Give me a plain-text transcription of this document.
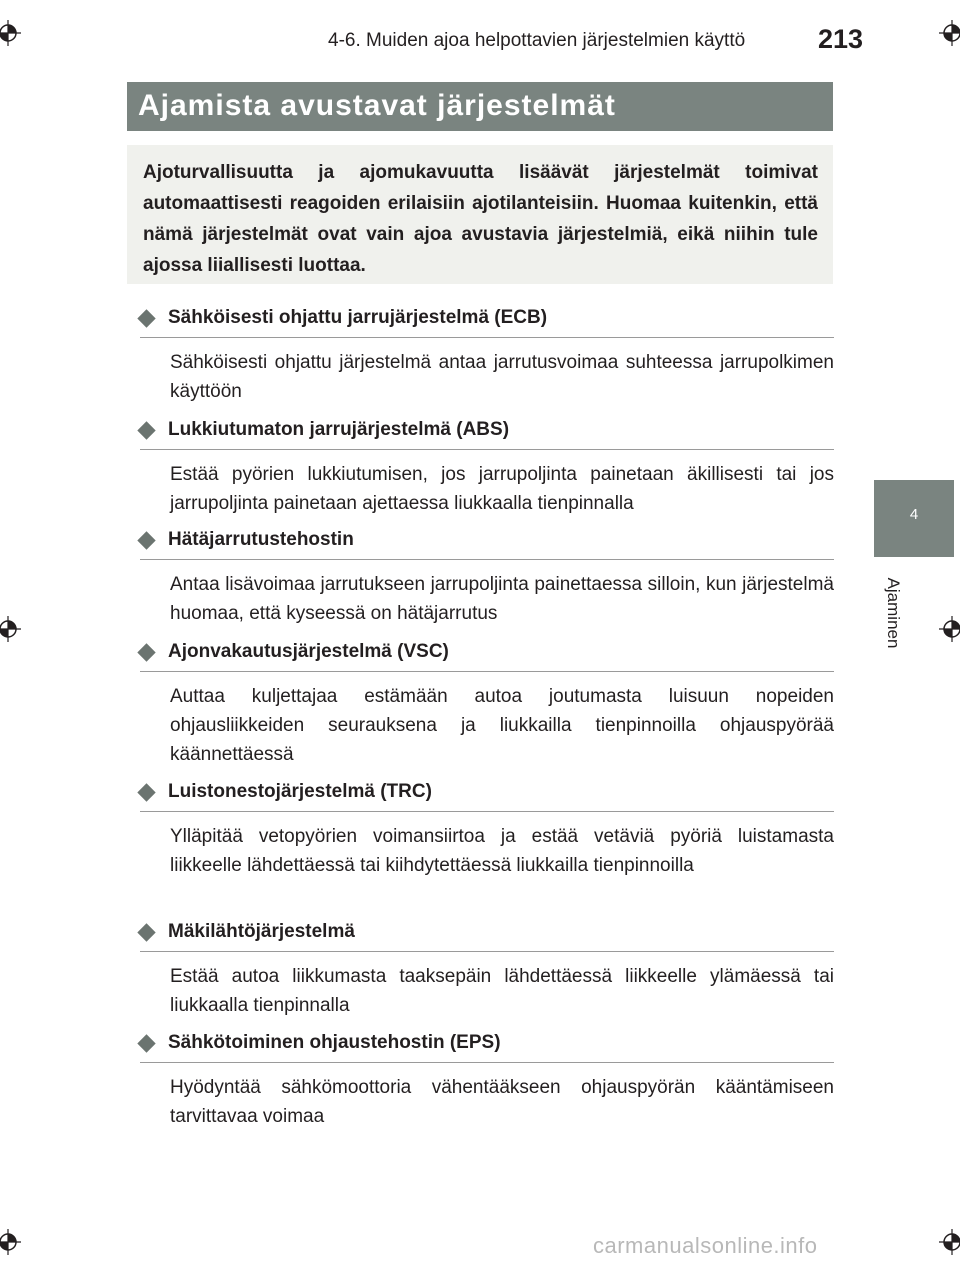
4-6. Muiden ajoa helpottavien järjestelmien käyttö	213
4
Ajaminen
Ajamista avustavat järjestelmät
Ajoturvallisuutta ja ajomukavuutta lisäävät järjestelmät toimivat automaattisesti reagoiden erilaisiin ajotilanteisiin. Huomaa kuitenkin, että nämä järjestelmät ovat vain ajoa avustavia järjestelmiä, eikä niihin tule ajossa liiallisesti luottaa.
Sähköisesti ohjattu jarrujärjestelmä (ECB)
Sähköisesti ohjattu järjestelmä antaa jarrutusvoimaa suhteessa jarrupolkimen käyttöön
Lukkiutumaton jarrujärjestelmä (ABS)
Estää pyörien lukkiutumisen, jos jarrupoljinta painetaan äkillisesti tai jos jarrupoljinta painetaan ajettaessa liukkaalla tienpinnalla
Hätäjarrutustehostin
Antaa lisävoimaa jarrutukseen jarrupoljinta painettaessa silloin, kun järjestelmä huomaa, että kyseessä on hätäjarrutus
Ajonvakautusjärjestelmä (VSC)
Auttaa kuljettajaa estämään autoa joutumasta luisuun nopeiden ohjausliikkeiden seurauksena ja liukkailla tienpinnoilla ohjauspyörää käännettäessä
Luistonestojärjestelmä (TRC)
Ylläpitää vetopyörien voimansiirtoa ja estää vetäviä pyöriä luistamasta liikkeelle lähdettäessä tai kiihdytettäessä liukkailla tienpinnoilla
Mäkilähtöjärjestelmä
Estää autoa liikkumasta taaksepäin lähdettäessä liikkeelle ylämäessä tai liukkaalla tienpinnalla
Sähkötoiminen ohjaustehostin (EPS)
Hyödyntää sähkömoottoria vähentääkseen ohjauspyörän kääntämiseen tarvittavaa voimaa
carmanualsonline.info
